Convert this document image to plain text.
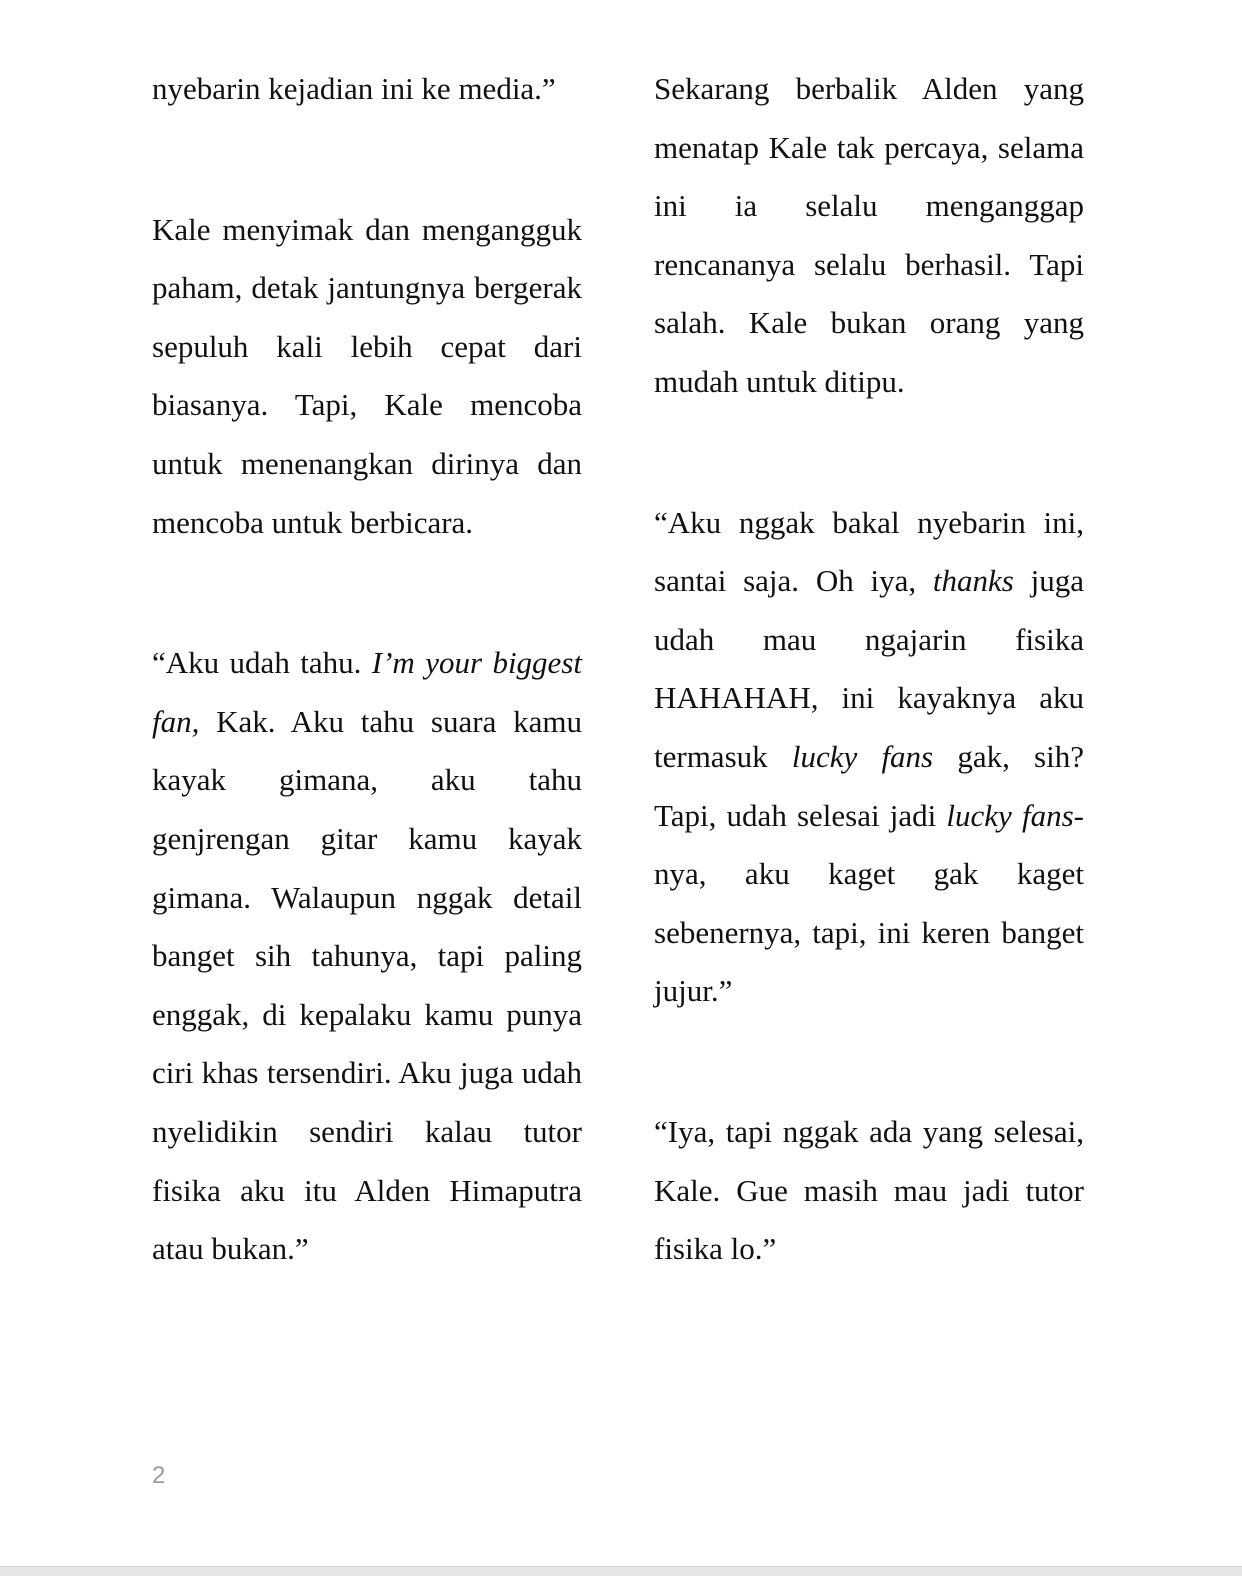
nyebarin kejadian ini ke media.”

Kale menyimak dan mengangguk paham, detak jantungnya bergerak sepuluh kali lebih cepat dari biasanya. Tapi, Kale mencoba untuk menenangkan dirinya dan mencoba untuk berbicara.

“Aku udah tahu. I’m your biggest fan, Kak. Aku tahu suara kamu kayak gimana, aku tahu genjrengan gitar kamu kayak gimana. Walaupun nggak detail banget sih tahunya, tapi paling enggak, di kepalaku kamu punya ciri khas tersendiri. Aku juga udah nyelidikin sendiri kalau tutor fisika aku itu Alden Himaputra atau bukan.”

Sekarang berbalik Alden yang menatap Kale tak percaya, selama ini ia selalu menganggap rencananya selalu berhasil. Tapi salah. Kale bukan orang yang mudah untuk ditipu.

“Aku nggak bakal nyebarin ini, santai saja. Oh iya, thanks juga udah mau ngajarin fisika HAHAHAH, ini kayaknya aku termasuk lucky fans gak, sih? Tapi, udah selesai jadi lucky fans-nya, aku kaget gak kaget sebenernya, tapi, ini keren banget jujur.”

“Iya, tapi nggak ada yang selesai, Kale. Gue masih mau jadi tutor fisika lo.”

2
